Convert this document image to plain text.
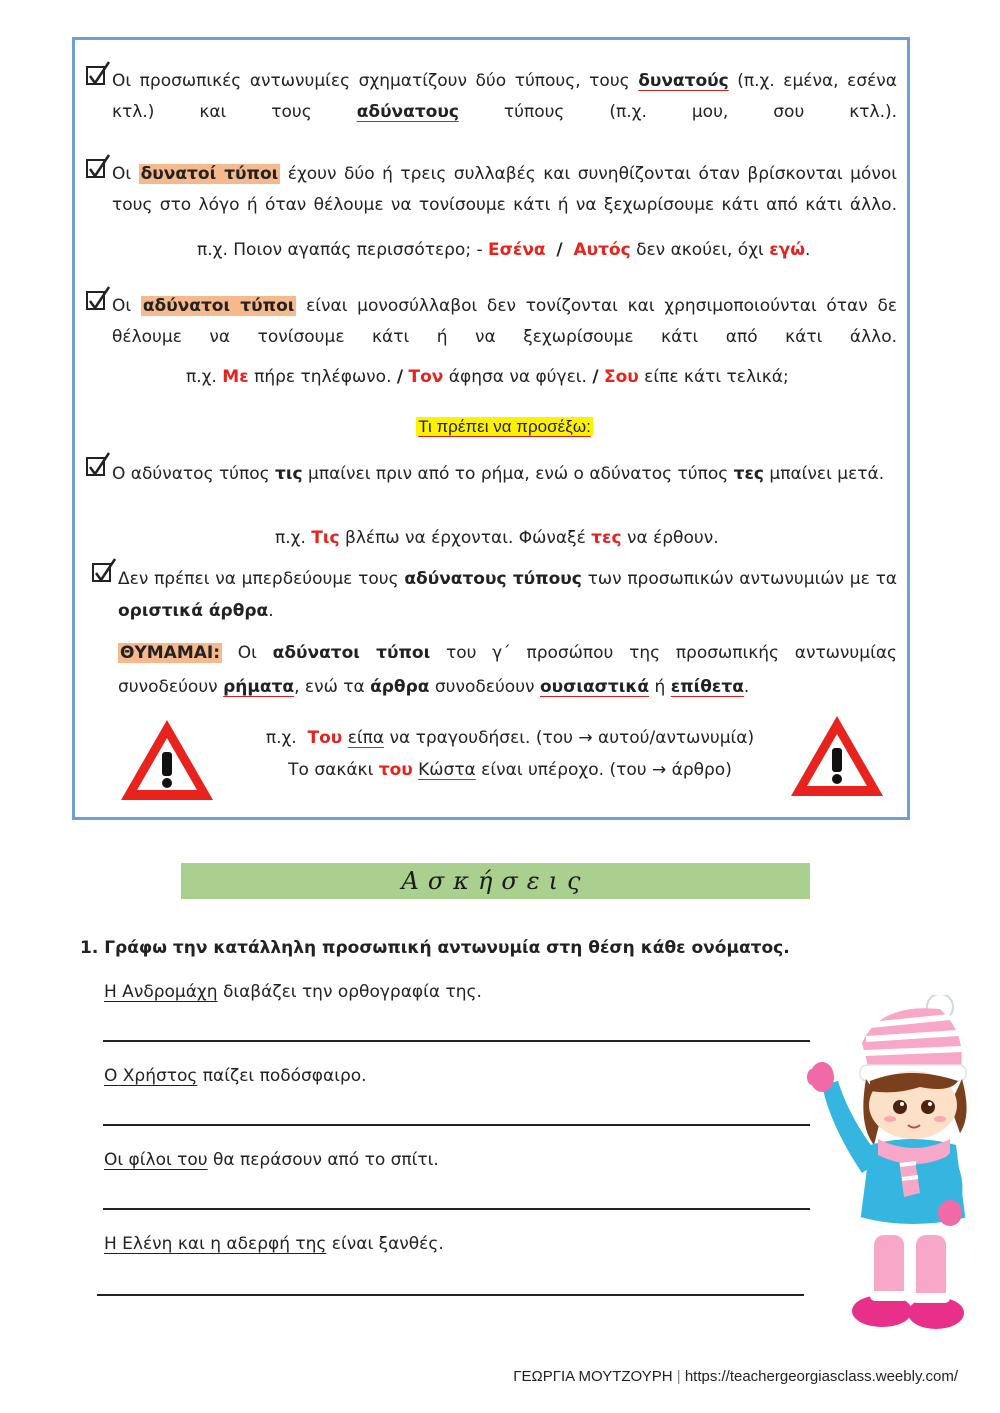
Οι προσωπικές αντωνυμίες σχηματίζουν δύο τύπους, τους δυνατούς (π.χ. εμένα, εσένα κτλ.) και τους	αδύνατους	τύπους (π.χ. μου, σου κτλ.).
Οι δυνατοί τύποι έχουν δύο ή τρεις συλλαβές και συνηθίζονται όταν βρίσκονται μόνοι τους στο λόγο ή όταν θέλουμε να τονίσουμε κάτι ή να ξεχωρίσουμε κάτι από κάτι άλλο.
π.χ. Ποιον αγαπάς περισσότερο; - Εσένα / Αυτός δεν ακούει, όχι εγώ.
Οι αδύνατοι τύποι είναι μονοσύλλαβοι δεν τονίζονται και χρησιμοποιούνται όταν δε θέλουμε να τονίσουμε κάτι ή να ξεχωρίσουμε κάτι από κάτι άλλο.
π.χ. Με πήρε τηλέφωνο. / Τον άφησα να φύγει. / Σου είπε κάτι τελικά;
Τι πρέπει να προσέξω:
Ο αδύνατος τύπος τις μπαίνει πριν από το ρήμα, ενώ ο αδύνατος τύπος τες μπαίνει μετά.
π.χ. Τις βλέπω να έρχονται. Φώναξέ τες να έρθουν.
Δεν πρέπει να μπερδεύουμε τους αδύνατους τύπους των προσωπικών αντωνυμιών με τα οριστικά άρθρα.
ΘΥΜΑΜΑΙ: Οι αδύνατοι τύποι του γ΄ προσώπου της προσωπικής αντωνυμίας συνοδεύουν ρήματα, ενώ τα άρθρα συνοδεύουν ουσιαστικά ή επίθετα.
π.χ. Του είπα να τραγουδήσει. (του → αυτού/αντωνυμία)
Το σακάκι του Κώστα είναι υπέροχο. (του → άρθρο)
Ασκήσεις
1. Γράφω την κατάλληλη προσωπική αντωνυμία στη θέση κάθε ονόματος.
Η Ανδρομάχη διαβάζει την ορθογραφία της.
Ο Χρήστος παίζει ποδόσφαιρο.
Οι φίλοι του θα περάσουν από το σπίτι.
Η Ελένη και η αδερφή της είναι ξανθές.
ΓΕΩΡΓΙΑ ΜΟΥΤΖΟΥΡΗ | https://teachergeorgiasclass.weebly.com/
